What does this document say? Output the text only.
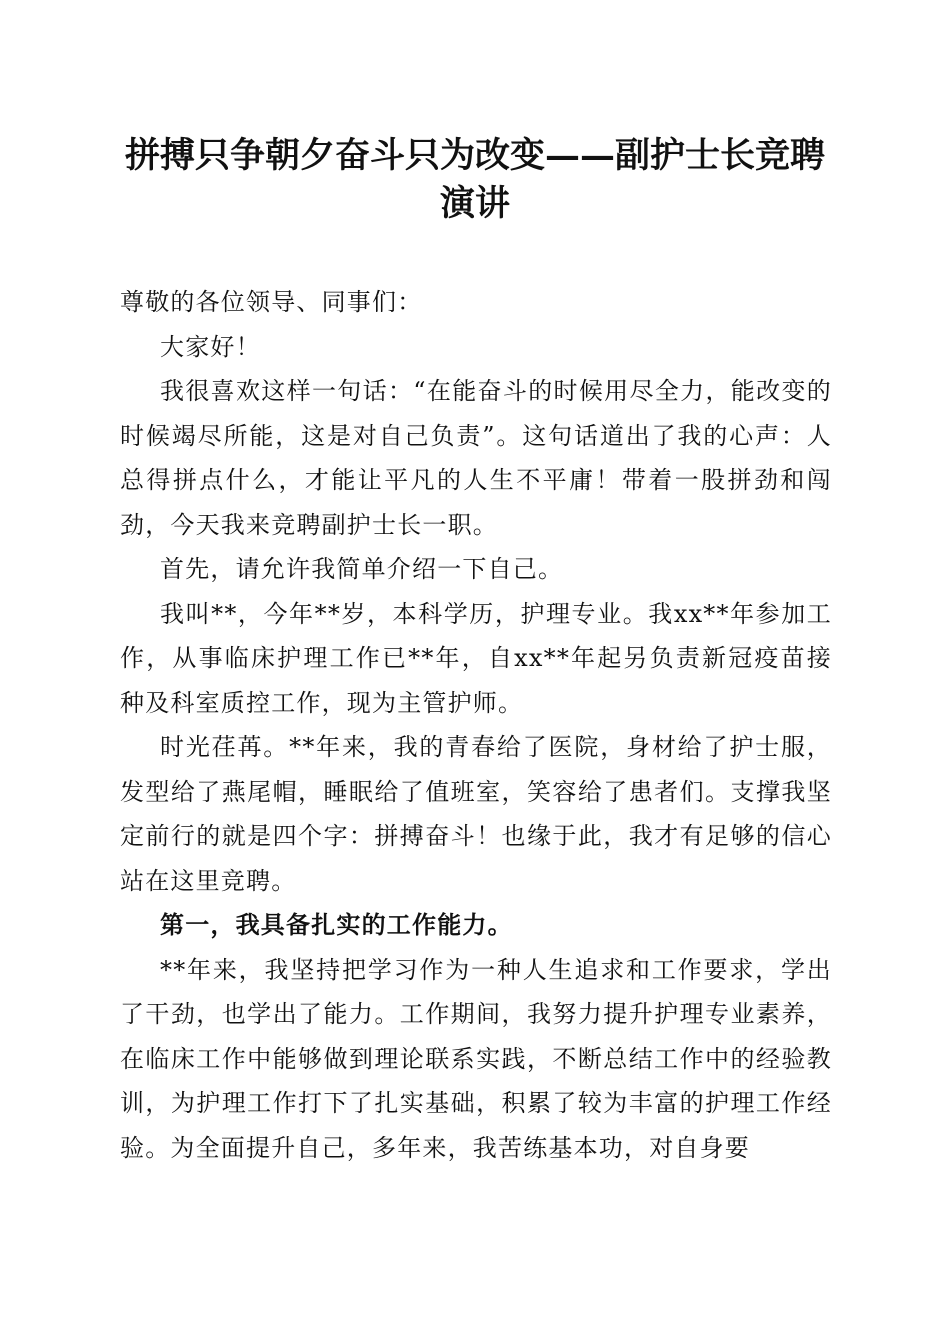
拼搏只争朝夕奋斗只为改变——副护士长竞聘演讲

尊敬的各位领导、同事们：

大家好！

我很喜欢这样一句话：“在能奋斗的时候用尽全力，能改变的时候竭尽所能，这是对自己负责”。这句话道出了我的心声：人总得拼点什么，才能让平凡的人生不平庸！带着一股拼劲和闯劲，今天我来竞聘副护士长一职。

首先，请允许我简单介绍一下自己。

我叫**，今年**岁，本科学历，护理专业。我xx**年参加工作，从事临床护理工作已**年，自xx**年起另负责新冠疫苗接种及科室质控工作，现为主管护师。

时光荏苒。**年来，我的青春给了医院，身材给了护士服，发型给了燕尾帽，睡眠给了值班室，笑容给了患者们。支撑我坚定前行的就是四个字：拼搏奋斗！也缘于此，我才有足够的信心站在这里竞聘。

第一，我具备扎实的工作能力。

**年来，我坚持把学习作为一种人生追求和工作要求，学出了干劲，也学出了能力。工作期间，我努力提升护理专业素养，在临床工作中能够做到理论联系实践，不断总结工作中的经验教训，为护理工作打下了扎实基础，积累了较为丰富的护理工作经验。为全面提升自己，多年来，我苦练基本功，对自身要
